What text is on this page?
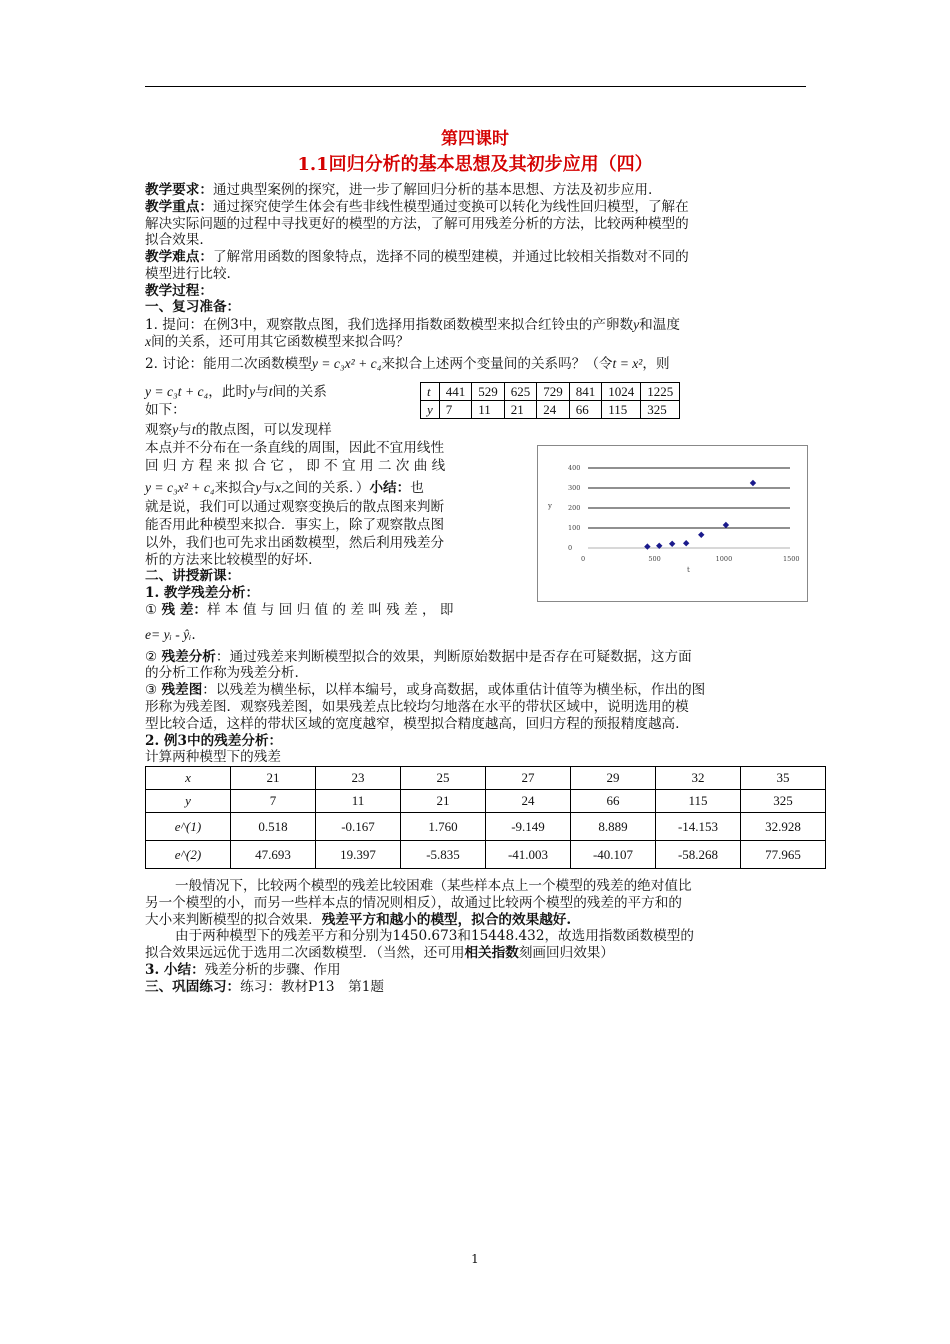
第四课时
1.1回归分析的基本思想及其初步应用（四）
教学要求：通过典型案例的探究，进一步了解回归分析的基本思想、方法及初步应用.
教学重点：通过探究使学生体会有些非线性模型通过变换可以转化为线性回归模型，了解在
解决实际问题的过程中寻找更好的模型的方法，了解可用残差分析的方法，比较两种模型的
拟合效果.
教学难点：了解常用函数的图象特点，选择不同的模型建模，并通过比较相关指数对不同的
模型进行比较.
教学过程：
一、复习准备：
1. 提问：在例3中，观察散点图，我们选择用指数函数模型来拟合红铃虫的产卵数y和温度
x间的关系，还可用其它函数模型来拟合吗？
2. 讨论：能用二次函数模型y = c₃x² + c₄来拟合上述两个变量间的关系吗？（令t = x²，则
y = c₃t + c₄，此时y与t间的关系
如下：
t	441	529	625	729	841	1024	1225
y	7	11	21	24	66	115	325
观察y与t的散点图，可以发现样
本点并不分布在一条直线的周围，因此不宜用线性
回 归 方 程 来 拟 合 它 ， 即 不 宜 用 二 次 曲 线
y = c₃x² + c₄来拟合y与x之间的关系．）小结：也
就是说，我们可以通过观察变换后的散点图来判断
能否用此种模型来拟合．事实上，除了观察散点图
以外，我们也可先求出函数模型，然后利用残差分
析的方法来比较模型的好坏.
0
100
200
300
400
0	500	1000	1500
t
y
二、讲授新课：
1. 教学残差分析：
① 残 差：样 本 值 与 回 归 值 的 差 叫 残 差 ， 即
e= yᵢ - ŷᵢ.
② 残差分析：通过残差来判断模型拟合的效果，判断原始数据中是否存在可疑数据，这方面
的分析工作称为残差分析.
③ 残差图：以残差为横坐标，以样本编号，或身高数据，或体重估计值等为横坐标，作出的图
形称为残差图．观察残差图，如果残差点比较均匀地落在水平的带状区域中，说明选用的模
型比较合适，这样的带状区域的宽度越窄，模型拟合精度越高，回归方程的预报精度越高.
2. 例3中的残差分析：
计算两种模型下的残差
x	21	23	25	27	29	32	35
y	7	11	21	24	66	115	325
e^(1)	0.518	-0.167	1.760	-9.149	8.889	-14.153	32.928
e^(2)	47.693	19.397	-5.835	-41.003	-40.107	-58.268	77.965
一般情况下，比较两个模型的残差比较困难（某些样本点上一个模型的残差的绝对值比
另一个模型的小，而另一些样本点的情况则相反），故通过比较两个模型的残差的平方和的
大小来判断模型的拟合效果．残差平方和越小的模型，拟合的效果越好.
由于两种模型下的残差平方和分别为1450.673和15448.432，故选用指数函数模型的
拟合效果远远优于选用二次函数模型．（当然，还可用相关指数刻画回归效果）
3. 小结：残差分析的步骤、作用
三、巩固练习：练习：教材P13　第1题
1
